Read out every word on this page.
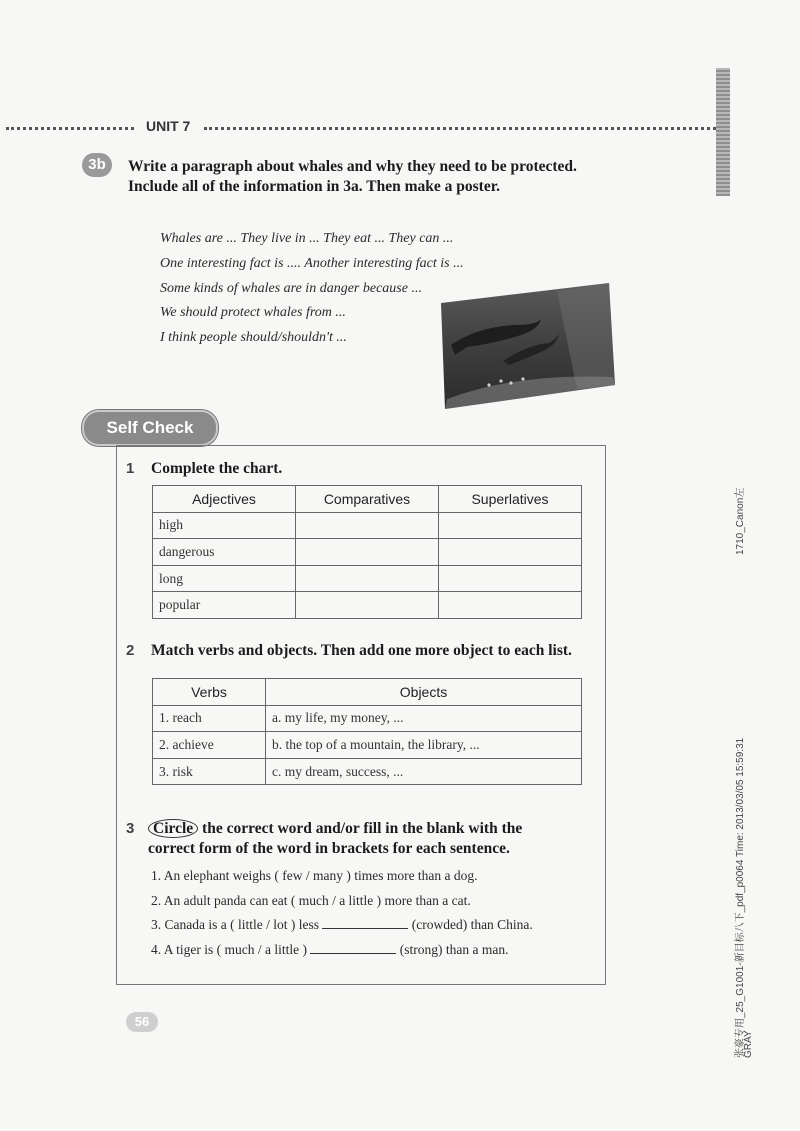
UNIT 7
3b	Write a paragraph about whales and why they need to be protected.
Include all of the information in 3a. Then make a poster.
Whales are ... They live in ... They eat ... They can ...
One interesting fact is .... Another interesting fact is ...
Some kinds of whales are in danger because ...
We should protect whales from ...
I think people should/shouldn't ...
Self Check
1 Complete the chart.
Adjectives	Comparatives	Superlatives
high		
dangerous		
long		
popular		
2 Match verbs and objects. Then add one more object to each list.
Verbs	Objects
1. reach	a. my life, my money, ...
2. achieve	b. the top of a mountain, the library, ...
3. risk	c. my dream, success, ...
3	Circle the correct word and/or fill in the blank with the
correct form of the word in brackets for each sentence.
1. An elephant weighs ( few / many ) times more than a dog.
2. An adult panda can eat ( much / a little ) more than a cat.
3. Canada is a ( little / lot ) less	(crowded) than China.
4. A tiger is ( much / a little )	(strong) than a man.
56
1710_Canon左
张豪专用_25_G1001-新目标八下_pdf_p0064 Time: 2013/03/05 15:59:31
GRAY
